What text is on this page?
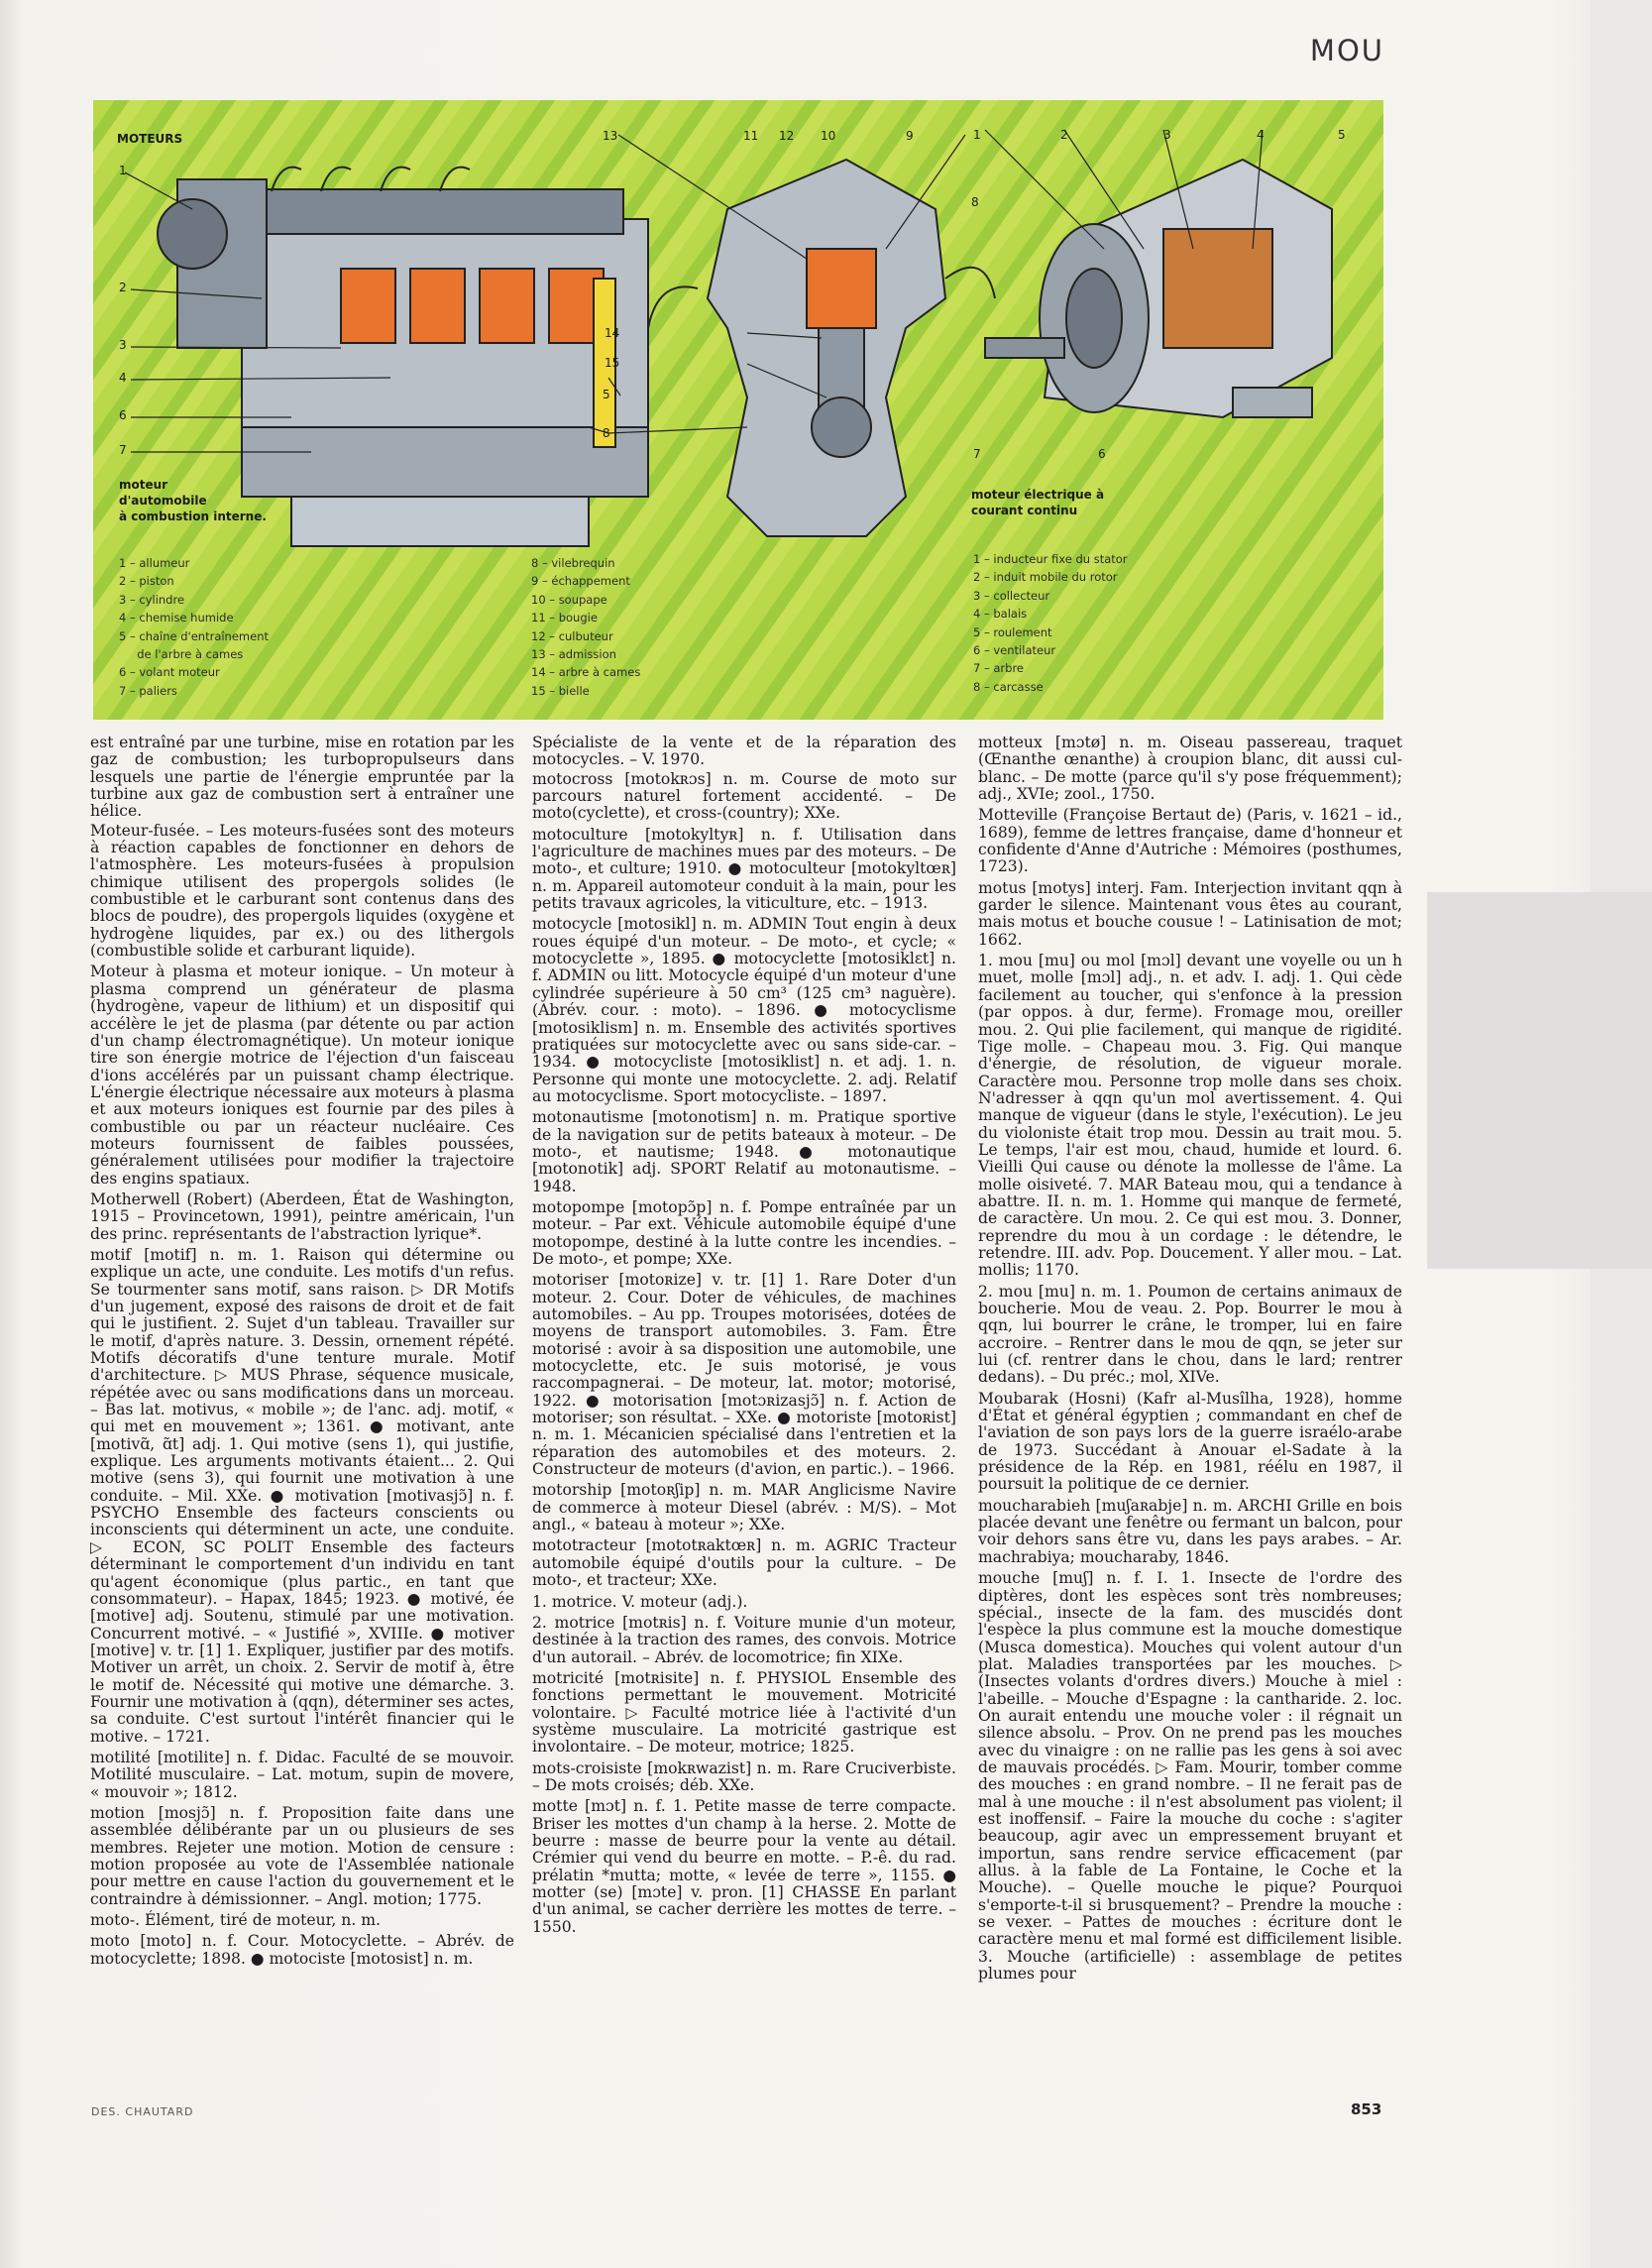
MOU
MOTEURS
1
2
3
4
6
7
13	11 12 10	9
14
15
5
8
1	2	3	4	5
8
7	6
moteur
d'automobile
à combustion interne.
moteur électrique à
courant continu
1 – allumeur
2 – piston
3 – cylindre
4 – chemise humide
5 – chaîne d'entraînement
de l'arbre à cames
6 – volant moteur
7 – paliers
8 – vilebrequin
9 – échappement
10 – soupape
11 – bougie
12 – culbuteur
13 – admission
14 – arbre à cames
15 – bielle
1 – inducteur fixe du stator
2 – induit mobile du rotor
3 – collecteur
4 – balais
5 – roulement
6 – ventilateur
7 – arbre
8 – carcasse

est entraîné par une turbine, mise en rotation par les gaz de combustion; les turbopropulseurs dans lesquels une partie de l'énergie empruntée par la turbine aux gaz de combustion sert à entraîner une hélice.

Moteur-fusée. – Les moteurs-fusées sont des moteurs à réaction capables de fonctionner en dehors de l'atmosphère. Les moteurs-fusées à propulsion chimique utilisent des propergols solides (le combustible et le carburant sont contenus dans des blocs de poudre), des propergols liquides (oxygène et hydrogène liquides, par ex.) ou des lithergols (combustible solide et carburant liquide).

Moteur à plasma et moteur ionique. – Un moteur à plasma comprend un générateur de plasma (hydrogène, vapeur de lithium) et un dispositif qui accélère le jet de plasma (par détente ou par action d'un champ électromagnétique). Un moteur ionique tire son énergie motrice de l'éjection d'un faisceau d'ions accélérés par un puissant champ électrique. L'énergie électrique nécessaire aux moteurs à plasma et aux moteurs ioniques est fournie par des piles à combustible ou par un réacteur nucléaire. Ces moteurs fournissent de faibles poussées, généralement utilisées pour modifier la trajectoire des engins spatiaux.

Motherwell (Robert) (Aberdeen, État de Washington, 1915 – Provincetown, 1991), peintre américain, l'un des princ. représentants de l'abstraction lyrique*.

motif [motif] n. m. 1. Raison qui détermine ou explique un acte, une conduite. Les motifs d'un refus. Se tourmenter sans motif, sans raison. ▷ DR Motifs d'un jugement, exposé des raisons de droit et de fait qui le justifient. 2. Sujet d'un tableau. Travailler sur le motif, d'après nature. 3. Dessin, ornement répété. Motifs décoratifs d'une tenture murale. Motif d'architecture. ▷ MUS Phrase, séquence musicale, répétée avec ou sans modifications dans un morceau. – Bas lat. motivus, « mobile »; de l'anc. adj. motif, « qui met en mouvement »; 1361. ● motivant, ante [motivɑ̃, ɑ̃t] adj. 1. Qui motive (sens 1), qui justifie, explique. Les arguments motivants étaient... 2. Qui motive (sens 3), qui fournit une motivation à une conduite. – Mil. XXe. ● motivation [motivasjɔ̃] n. f. PSYCHO Ensemble des facteurs conscients ou inconscients qui déterminent un acte, une conduite. ▷ ECON, SC POLIT Ensemble des facteurs déterminant le comportement d'un individu en tant qu'agent économique (plus partic., en tant que consommateur). – Hapax, 1845; 1923. ● motivé, ée [motive] adj. Soutenu, stimulé par une motivation. Concurrent motivé. – « Justifié », XVIIIe. ● motiver [motive] v. tr. [1] 1. Expliquer, justifier par des motifs. Motiver un arrêt, un choix. 2. Servir de motif à, être le motif de. Nécessité qui motive une démarche. 3. Fournir une motivation à (qqn), déterminer ses actes, sa conduite. C'est surtout l'intérêt financier qui le motive. – 1721.

motilité [motilite] n. f. Didac. Faculté de se mouvoir. Motilité musculaire. – Lat. motum, supin de movere, « mouvoir »; 1812.

motion [mosjɔ̃] n. f. Proposition faite dans une assemblée délibérante par un ou plusieurs de ses membres. Rejeter une motion. Motion de censure : motion proposée au vote de l'Assemblée nationale pour mettre en cause l'action du gouvernement et le contraindre à démissionner. – Angl. motion; 1775.

moto-. Élément, tiré de moteur, n. m.

moto [moto] n. f. Cour. Motocyclette. – Abrév. de motocyclette; 1898. ● motociste [motosist] n. m.

Spécialiste de la vente et de la réparation des motocycles. – V. 1970.

motocross [motokʀɔs] n. m. Course de moto sur parcours naturel fortement accidenté. – De moto(cyclette), et cross-(country); XXe.

motoculture [motokyltyʀ] n. f. Utilisation dans l'agriculture de machines mues par des moteurs. – De moto-, et culture; 1910. ● motoculteur [motokyltœʀ] n. m. Appareil automoteur conduit à la main, pour les petits travaux agricoles, la viticulture, etc. – 1913.

motocycle [motosikl] n. m. ADMIN Tout engin à deux roues équipé d'un moteur. – De moto-, et cycle; « motocyclette », 1895. ● motocyclette [motosiklɛt] n. f. ADMIN ou litt. Motocycle équipé d'un moteur d'une cylindrée supérieure à 50 cm³ (125 cm³ naguère). (Abrév. cour. : moto). – 1896. ● motocyclisme [motosiklism] n. m. Ensemble des activités sportives pratiquées sur motocyclette avec ou sans side-car. – 1934. ● motocycliste [motosiklist] n. et adj. 1. n. Personne qui monte une motocyclette. 2. adj. Relatif au motocyclisme. Sport motocycliste. – 1897.

motonautisme [motonotism] n. m. Pratique sportive de la navigation sur de petits bateaux à moteur. – De moto-, et nautisme; 1948. ● motonautique [motonotik] adj. SPORT Relatif au motonautisme. – 1948.

motopompe [motopɔ̃p] n. f. Pompe entraînée par un moteur. – Par ext. Véhicule automobile équipé d'une motopompe, destiné à la lutte contre les incendies. – De moto-, et pompe; XXe.

motoriser [motoʀize] v. tr. [1] 1. Rare Doter d'un moteur. 2. Cour. Doter de véhicules, de machines automobiles. – Au pp. Troupes motorisées, dotées de moyens de transport automobiles. 3. Fam. Être motorisé : avoir à sa disposition une automobile, une motocyclette, etc. Je suis motorisé, je vous raccompagnerai. – De moteur, lat. motor; motorisé, 1922. ● motorisation [motɔʀizasjɔ̃] n. f. Action de motoriser; son résultat. – XXe. ● motoriste [motoʀist] n. m. 1. Mécanicien spécialisé dans l'entretien et la réparation des automobiles et des moteurs. 2. Constructeur de moteurs (d'avion, en partic.). – 1966.

motorship [motoʀʃip] n. m. MAR Anglicisme Navire de commerce à moteur Diesel (abrév. : M/S). – Mot angl., « bateau à moteur »; XXe.

mototracteur [mototʀaktœʀ] n. m. AGRIC Tracteur automobile équipé d'outils pour la culture. – De moto-, et tracteur; XXe.

1. motrice. V. moteur (adj.).

2. motrice [motʀis] n. f. Voiture munie d'un moteur, destinée à la traction des rames, des convois. Motrice d'un autorail. – Abrév. de locomotrice; fin XIXe.

motricité [motʀisite] n. f. PHYSIOL Ensemble des fonctions permettant le mouvement. Motricité volontaire. ▷ Faculté motrice liée à l'activité d'un système musculaire. La motricité gastrique est involontaire. – De moteur, motrice; 1825.

mots-croisiste [mokʀwazist] n. m. Rare Cruciverbiste. – De mots croisés; déb. XXe.

motte [mɔt] n. f. 1. Petite masse de terre compacte. Briser les mottes d'un champ à la herse. 2. Motte de beurre : masse de beurre pour la vente au détail. Crémier qui vend du beurre en motte. – P.-ê. du rad. prélatin *mutta; motte, « levée de terre », 1155. ● motter (se) [mɔte] v. pron. [1] CHASSE En parlant d'un animal, se cacher derrière les mottes de terre. – 1550.

motteux [mɔtø] n. m. Oiseau passereau, traquet (Œnanthe œnanthe) à croupion blanc, dit aussi cul-blanc. – De motte (parce qu'il s'y pose fréquemment); adj., XVIe; zool., 1750.

Motteville (Françoise Bertaut de) (Paris, v. 1621 – id., 1689), femme de lettres française, dame d'honneur et confidente d'Anne d'Autriche : Mémoires (posthumes, 1723).

motus [motys] interj. Fam. Interjection invitant qqn à garder le silence. Maintenant vous êtes au courant, mais motus et bouche cousue ! – Latinisation de mot; 1662.

1. mou [mu] ou mol [mɔl] devant une voyelle ou un h muet, molle [mɔl] adj., n. et adv. I. adj. 1. Qui cède facilement au toucher, qui s'enfonce à la pression (par oppos. à dur, ferme). Fromage mou, oreiller mou. 2. Qui plie facilement, qui manque de rigidité. Tige molle. – Chapeau mou. 3. Fig. Qui manque d'énergie, de résolution, de vigueur morale. Caractère mou. Personne trop molle dans ses choix. N'adresser à qqn qu'un mol avertissement. 4. Qui manque de vigueur (dans le style, l'exécution). Le jeu du violoniste était trop mou. Dessin au trait mou. 5. Le temps, l'air est mou, chaud, humide et lourd. 6. Vieilli Qui cause ou dénote la mollesse de l'âme. La molle oisiveté. 7. MAR Bateau mou, qui a tendance à abattre. II. n. m. 1. Homme qui manque de fermeté, de caractère. Un mou. 2. Ce qui est mou. 3. Donner, reprendre du mou à un cordage : le détendre, le retendre. III. adv. Pop. Doucement. Y aller mou. – Lat. mollis; 1170.

2. mou [mu] n. m. 1. Poumon de certains animaux de boucherie. Mou de veau. 2. Pop. Bourrer le mou à qqn, lui bourrer le crâne, le tromper, lui en faire accroire. – Rentrer dans le mou de qqn, se jeter sur lui (cf. rentrer dans le chou, dans le lard; rentrer dedans). – Du préc.; mol, XIVe.

Moubarak (Hosni) (Kafr al-Musîlha, 1928), homme d'État et général égyptien ; commandant en chef de l'aviation de son pays lors de la guerre israélo-arabe de 1973. Succédant à Anouar el-Sadate à la présidence de la Rép. en 1981, réélu en 1987, il poursuit la politique de ce dernier.

moucharabieh [muʃaʀabje] n. m. ARCHI Grille en bois placée devant une fenêtre ou fermant un balcon, pour voir dehors sans être vu, dans les pays arabes. – Ar. machrabiya; moucharaby, 1846.

mouche [muʃ] n. f. I. 1. Insecte de l'ordre des diptères, dont les espèces sont très nombreuses; spécial., insecte de la fam. des muscidés dont l'espèce la plus commune est la mouche domestique (Musca domestica). Mouches qui volent autour d'un plat. Maladies transportées par les mouches. ▷ (Insectes volants d'ordres divers.) Mouche à miel : l'abeille. – Mouche d'Espagne : la cantharide. 2. loc. On aurait entendu une mouche voler : il régnait un silence absolu. – Prov. On ne prend pas les mouches avec du vinaigre : on ne rallie pas les gens à soi avec de mauvais procédés. ▷ Fam. Mourir, tomber comme des mouches : en grand nombre. – Il ne ferait pas de mal à une mouche : il n'est absolument pas violent; il est inoffensif. – Faire la mouche du coche : s'agiter beaucoup, agir avec un empressement bruyant et importun, sans rendre service efficacement (par allus. à la fable de La Fontaine, le Coche et la Mouche). – Quelle mouche le pique? Pourquoi s'emporte-t-il si brusquement? – Prendre la mouche : se vexer. – Pattes de mouches : écriture dont le caractère menu et mal formé est difficilement lisible. 3. Mouche (artificielle) : assemblage de petites plumes pour

DES. CHAUTARD	853
